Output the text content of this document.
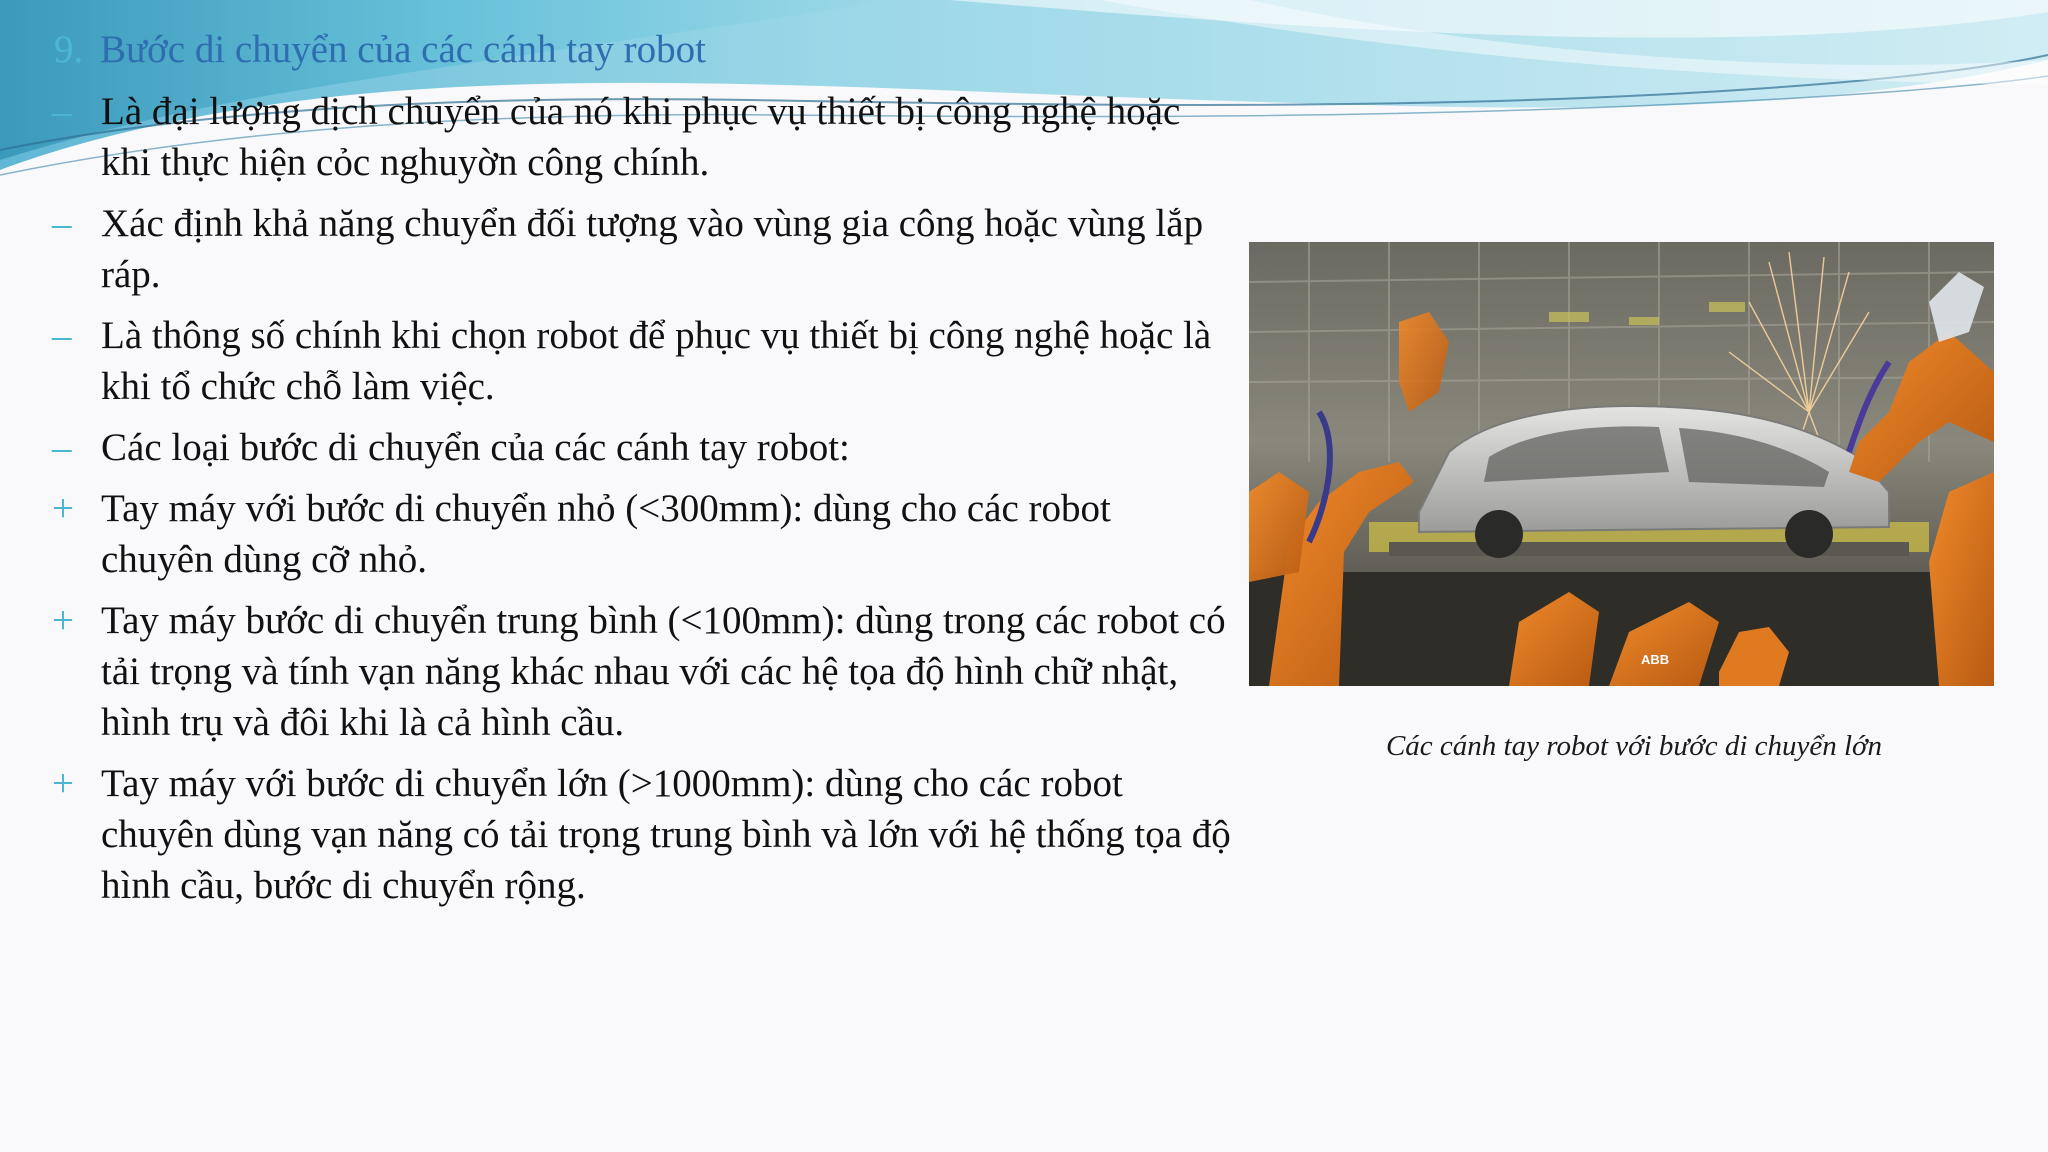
9. Bước di chuyển của các cánh tay robot
– Là đại lượng dịch chuyển của nó khi phục vụ thiết bị công nghệ hoặc khi thực hiện cỏc nghuyờn công chính.
– Xác định khả năng chuyển đối tượng vào vùng gia công hoặc vùng lắp ráp.
– Là thông số chính khi chọn robot để phục vụ thiết bị công nghệ hoặc là khi tổ chức chỗ làm việc.
– Các loại bước di chuyển của các cánh tay robot:
+ Tay máy với bước di chuyển nhỏ (<300mm): dùng cho các robot chuyên dùng cỡ nhỏ.
+ Tay máy bước di chuyển trung bình (<100mm): dùng trong các robot có tải trọng và tính vạn năng khác nhau với các hệ tọa độ hình chữ nhật, hình trụ và đôi khi là cả hình cầu.
+ Tay máy với bước di chuyển lớn (>1000mm): dùng cho các robot chuyên dùng vạn năng có tải trọng trung bình và lớn với hệ thống tọa độ hình cầu, bước di chuyển rộng.
ABB
Các cánh tay robot với bước di chuyển lớn
